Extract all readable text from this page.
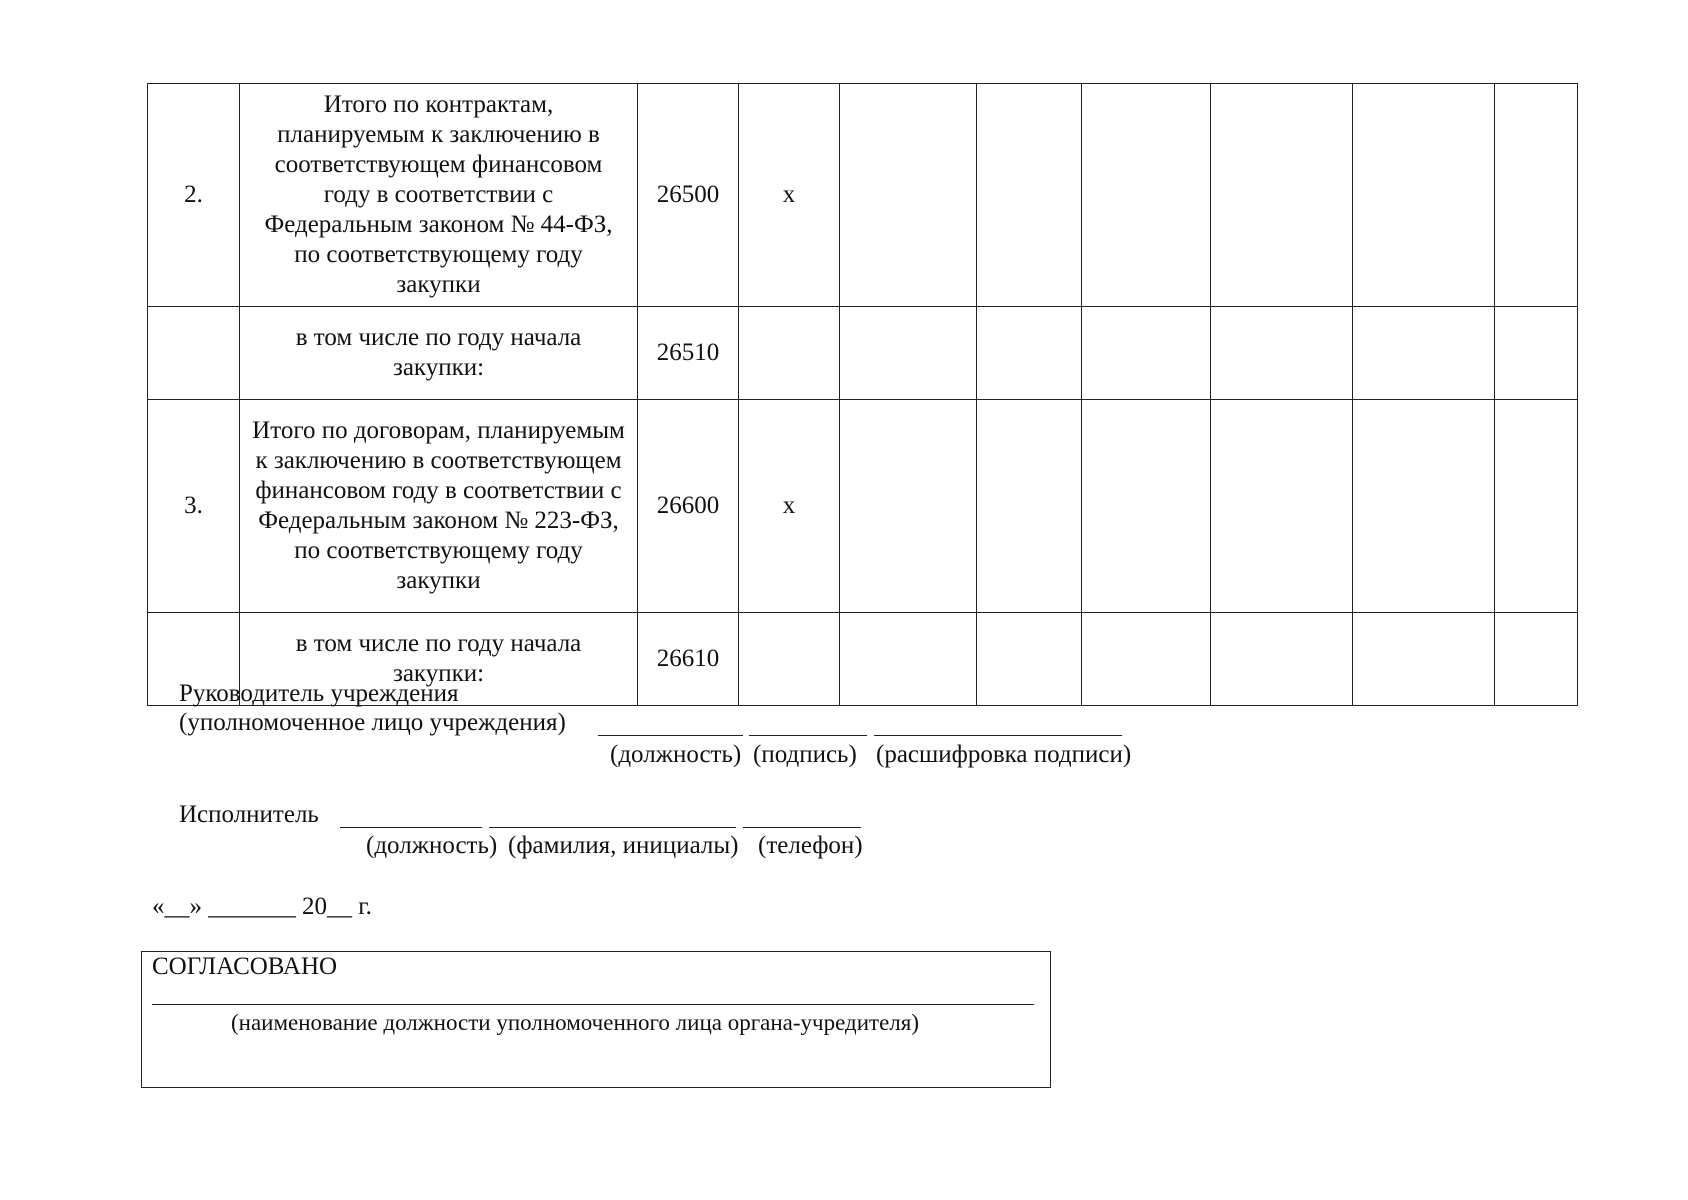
2.	Итого по контрактам, планируемым к заключению в соответствующем финансовом году в соответствии с Федеральным законом № 44-ФЗ, по соответствующему году закупки	26500	x						
	в том числе по году начала закупки:	26510							
3.	Итого по договорам, планируемым к заключению в соответствующем финансовом году в соответствии с Федеральным законом № 223-ФЗ, по соответствующему году закупки	26600	x						
	в том числе по году начала закупки:	26610							
Руководитель учреждения
(уполномоченное лицо учреждения)
(должность) (подпись) (расшифровка подписи)
Исполнитель
(должность) (фамилия, инициалы) (телефон)
«__» _______ 20__ г.
СОГЛАСОВАНО
(наименование должности уполномоченного лица органа-учредителя)
